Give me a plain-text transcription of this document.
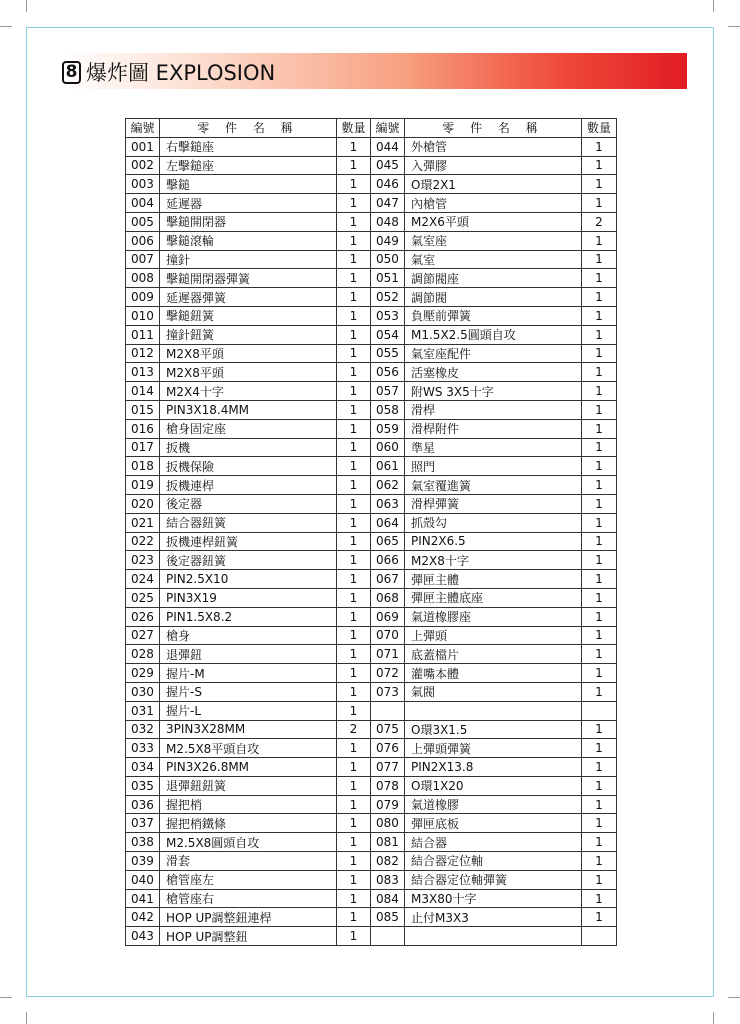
8 爆炸圖 EXPLOSION
編號	零 件 名 稱	數量	編號	零 件 名 稱	數量
001	右擊鎚座	1	044	外槍管	1
002	左擊鎚座	1	045	入彈膠	1
003	擊鎚	1	046	O環2X1	1
004	延遲器	1	047	內槍管	1
005	擊鎚開閉器	1	048	M2X6平頭	2
006	擊鎚滾輪	1	049	氣室座	1
007	撞針	1	050	氣室	1
008	擊鎚開閉器彈簧	1	051	調節閥座	1
009	延遲器彈簧	1	052	調節閥	1
010	擊鎚鈕簧	1	053	負壓前彈簧	1
011	撞針鈕簧	1	054	M1.5X2.5圓頭自攻	1
012	M2X8平頭	1	055	氣室座配件	1
013	M2X8平頭	1	056	活塞橡皮	1
014	M2X4十字	1	057	附WS 3X5十字	1
015	PIN3X18.4MM	1	058	滑桿	1
016	槍身固定座	1	059	滑桿附件	1
017	扳機	1	060	準星	1
018	扳機保險	1	061	照門	1
019	扳機連桿	1	062	氣室覆進簧	1
020	後定器	1	063	滑桿彈簧	1
021	結合器鈕簧	1	064	抓殼勾	1
022	扳機連桿鈕簧	1	065	PIN2X6.5	1
023	後定器鈕簧	1	066	M2X8十字	1
024	PIN2.5X10	1	067	彈匣主體	1
025	PIN3X19	1	068	彈匣主體底座	1
026	PIN1.5X8.2	1	069	氣道橡膠座	1
027	槍身	1	070	上彈頭	1
028	退彈鈕	1	071	底蓋檔片	1
029	握片-M	1	072	灌嘴本體	1
030	握片-S	1	073	氣閥	1
031	握片-L	1			
032	3PIN3X28MM	2	075	O環3X1.5	1
033	M2.5X8平頭自攻	1	076	上彈頭彈簧	1
034	PIN3X26.8MM	1	077	PIN2X13.8	1
035	退彈鈕鈕簧	1	078	O環1X20	1
036	握把梢	1	079	氣道橡膠	1
037	握把梢鐵條	1	080	彈匣底板	1
038	M2.5X8圓頭自攻	1	081	結合器	1
039	滑套	1	082	結合器定位軸	1
040	槍管座左	1	083	結合器定位軸彈簧	1
041	槍管座右	1	084	M3X80十字	1
042	HOP UP調整鈕連桿	1	085	止付M3X3	1
043	HOP UP調整鈕	1			
